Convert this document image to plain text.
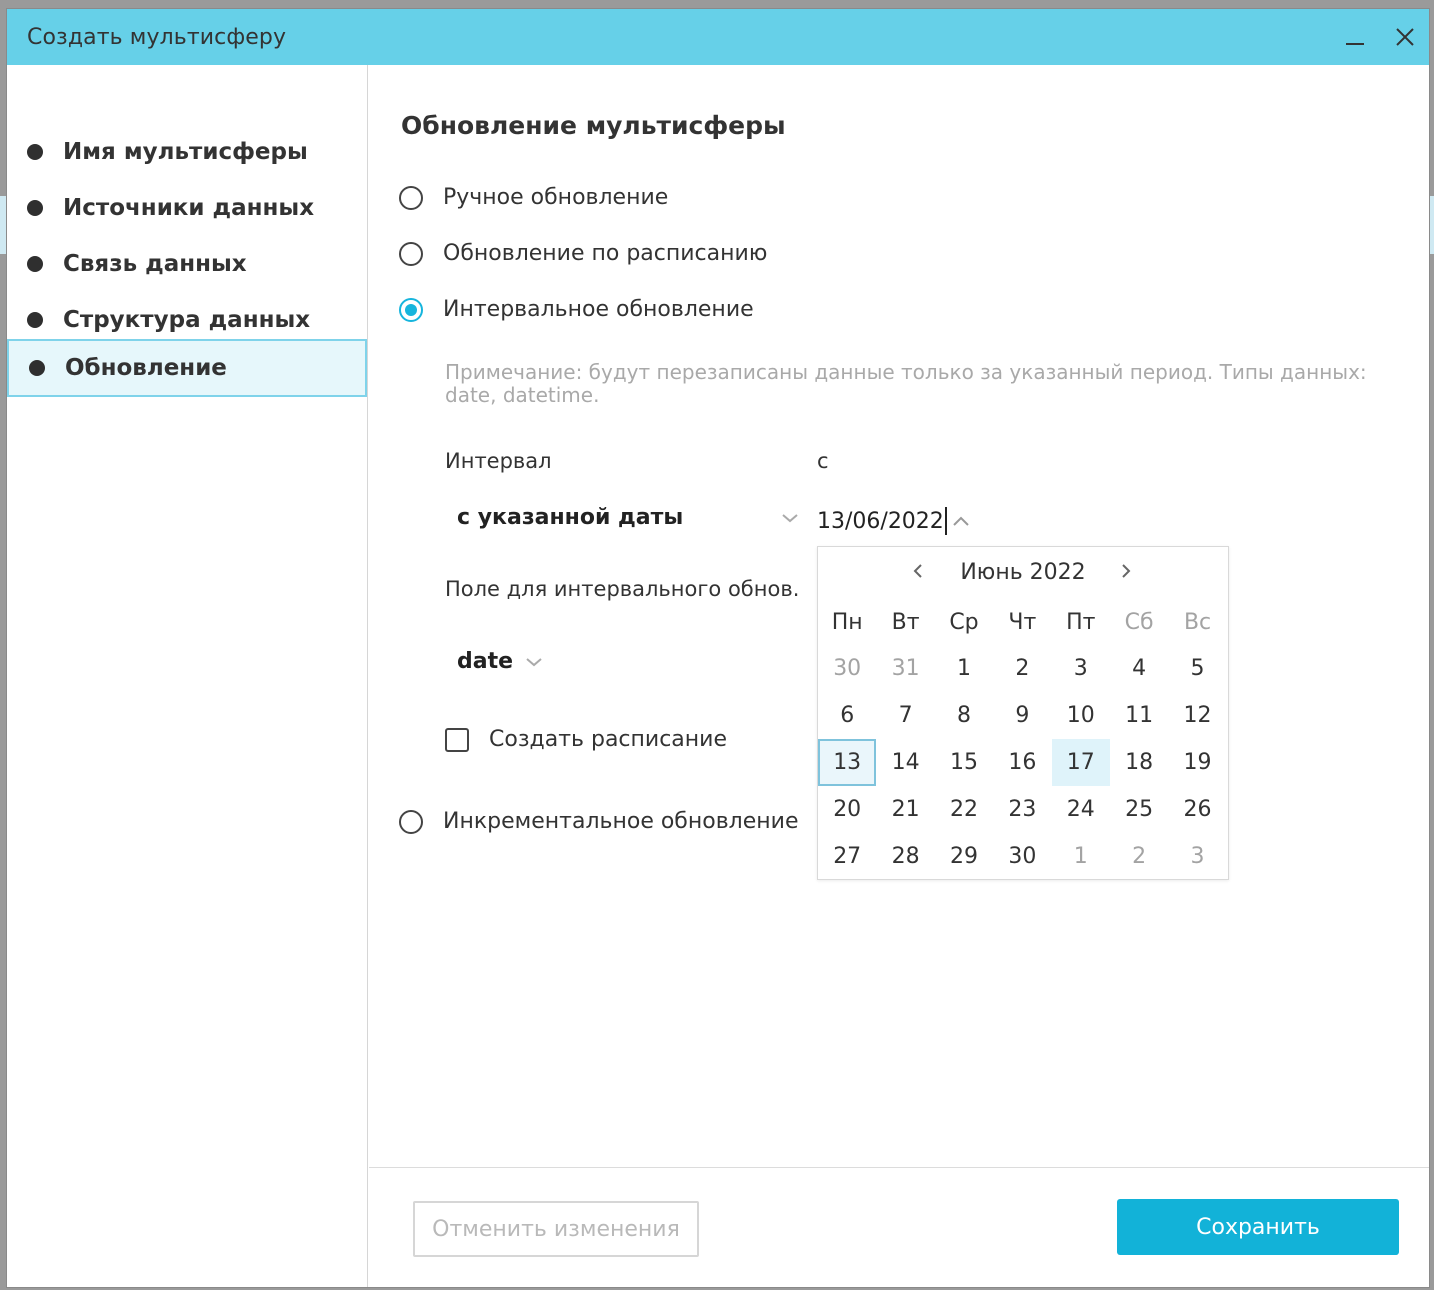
Создать мультисферу
Имя мультисферы
Источники данных
Связь данных
Структура данных
Обновление
Обновление мультисферы
Ручное обновление
Обновление по расписанию
Интервальное обновление
Примечание: будут перезаписаны данные только за указанный период. Типы данных: date, datetime.
Интервал	с
с указанной даты	13/06/2022
Поле для интервального обнов.
date
Создать расписание
Инкрементальное обновление
Июнь 2022
Пн	Вт	Ср	Чт	Пт	Сб	Вс
30	31	1	2	3	4	5
6	7	8	9	10	11	12
13	14	15	16	17	18	19
20	21	22	23	24	25	26
27	28	29	30	1	2	3
Отменить изменения	Сохранить
